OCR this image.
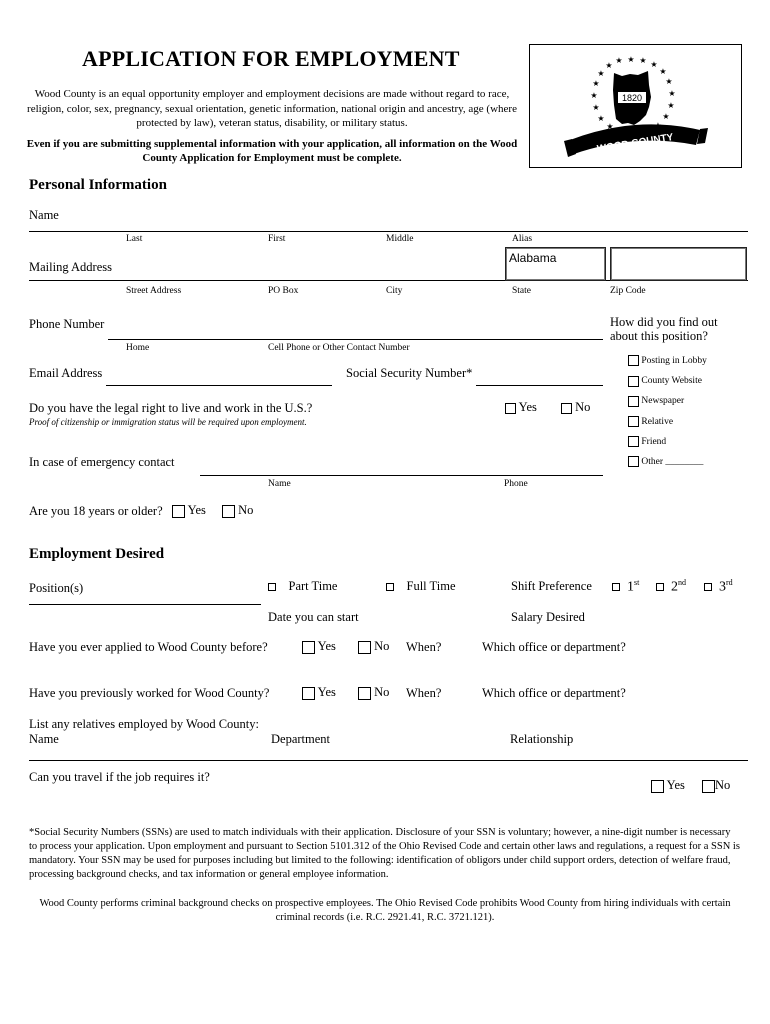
APPLICATION FOR EMPLOYMENT
Wood County is an equal opportunity employer and employment decisions are made without regard to race, religion, color, sex, pregnancy, sexual orientation, genetic information, national origin and ancestry, age (where protected by law), veteran status, disability, or military status.
Even if you are submitting supplemental information with your application, all information on the Wood County Application for Employment must be complete.
★ ★ ★
★
★
★
★
★
★
★
★
★
★
★
★
★
1820
WOOD COUNTY
Personal Information
Name
Last	First	Middle	Alias
Mailing Address
Alabama
Street Address	PO Box	City	State	Zip Code
Phone Number
Home	Cell Phone or Other Contact Number
Email Address	Social Security Number*
Do you have the legal right to live and work in the U.S.?
Proof of citizenship or immigration status will be required upon employment.
Yes	No
In case of emergency contact
Name	Phone
Are you 18 years or older?	Yes	No
How did you find out about this position?
Posting in Lobby
County Website
Newspaper
Relative
Friend
Other ________
Employment Desired
Position(s)	Part Time	Full Time	Shift Preference	1st	2nd	3rd
Date you can start	Salary Desired
Have you ever applied to Wood County before?	Yes	No When?	Which office or department?
Have you previously worked for Wood County?	Yes	No When?	Which office or department?
List any relatives employed by Wood County:
Name	Department	Relationship
Can you travel if the job requires it?
Yes	No
*Social Security Numbers (SSNs) are used to match individuals with their application. Disclosure of your SSN is voluntary; however, a nine-digit number is necessary to process your application. Upon employment and pursuant to Section 5101.312 of the Ohio Revised Code and certain other laws and regulations, a request for a SSN is mandatory. Your SSN may be used for purposes including but limited to the following: identification of obligors under child support orders, detection of welfare fraud, processing background checks, and tax information or general employee information.
Wood County performs criminal background checks on prospective employees. The Ohio Revised Code prohibits Wood County from hiring individuals with certain criminal records (i.e. R.C. 2921.41, R.C. 3721.121).
